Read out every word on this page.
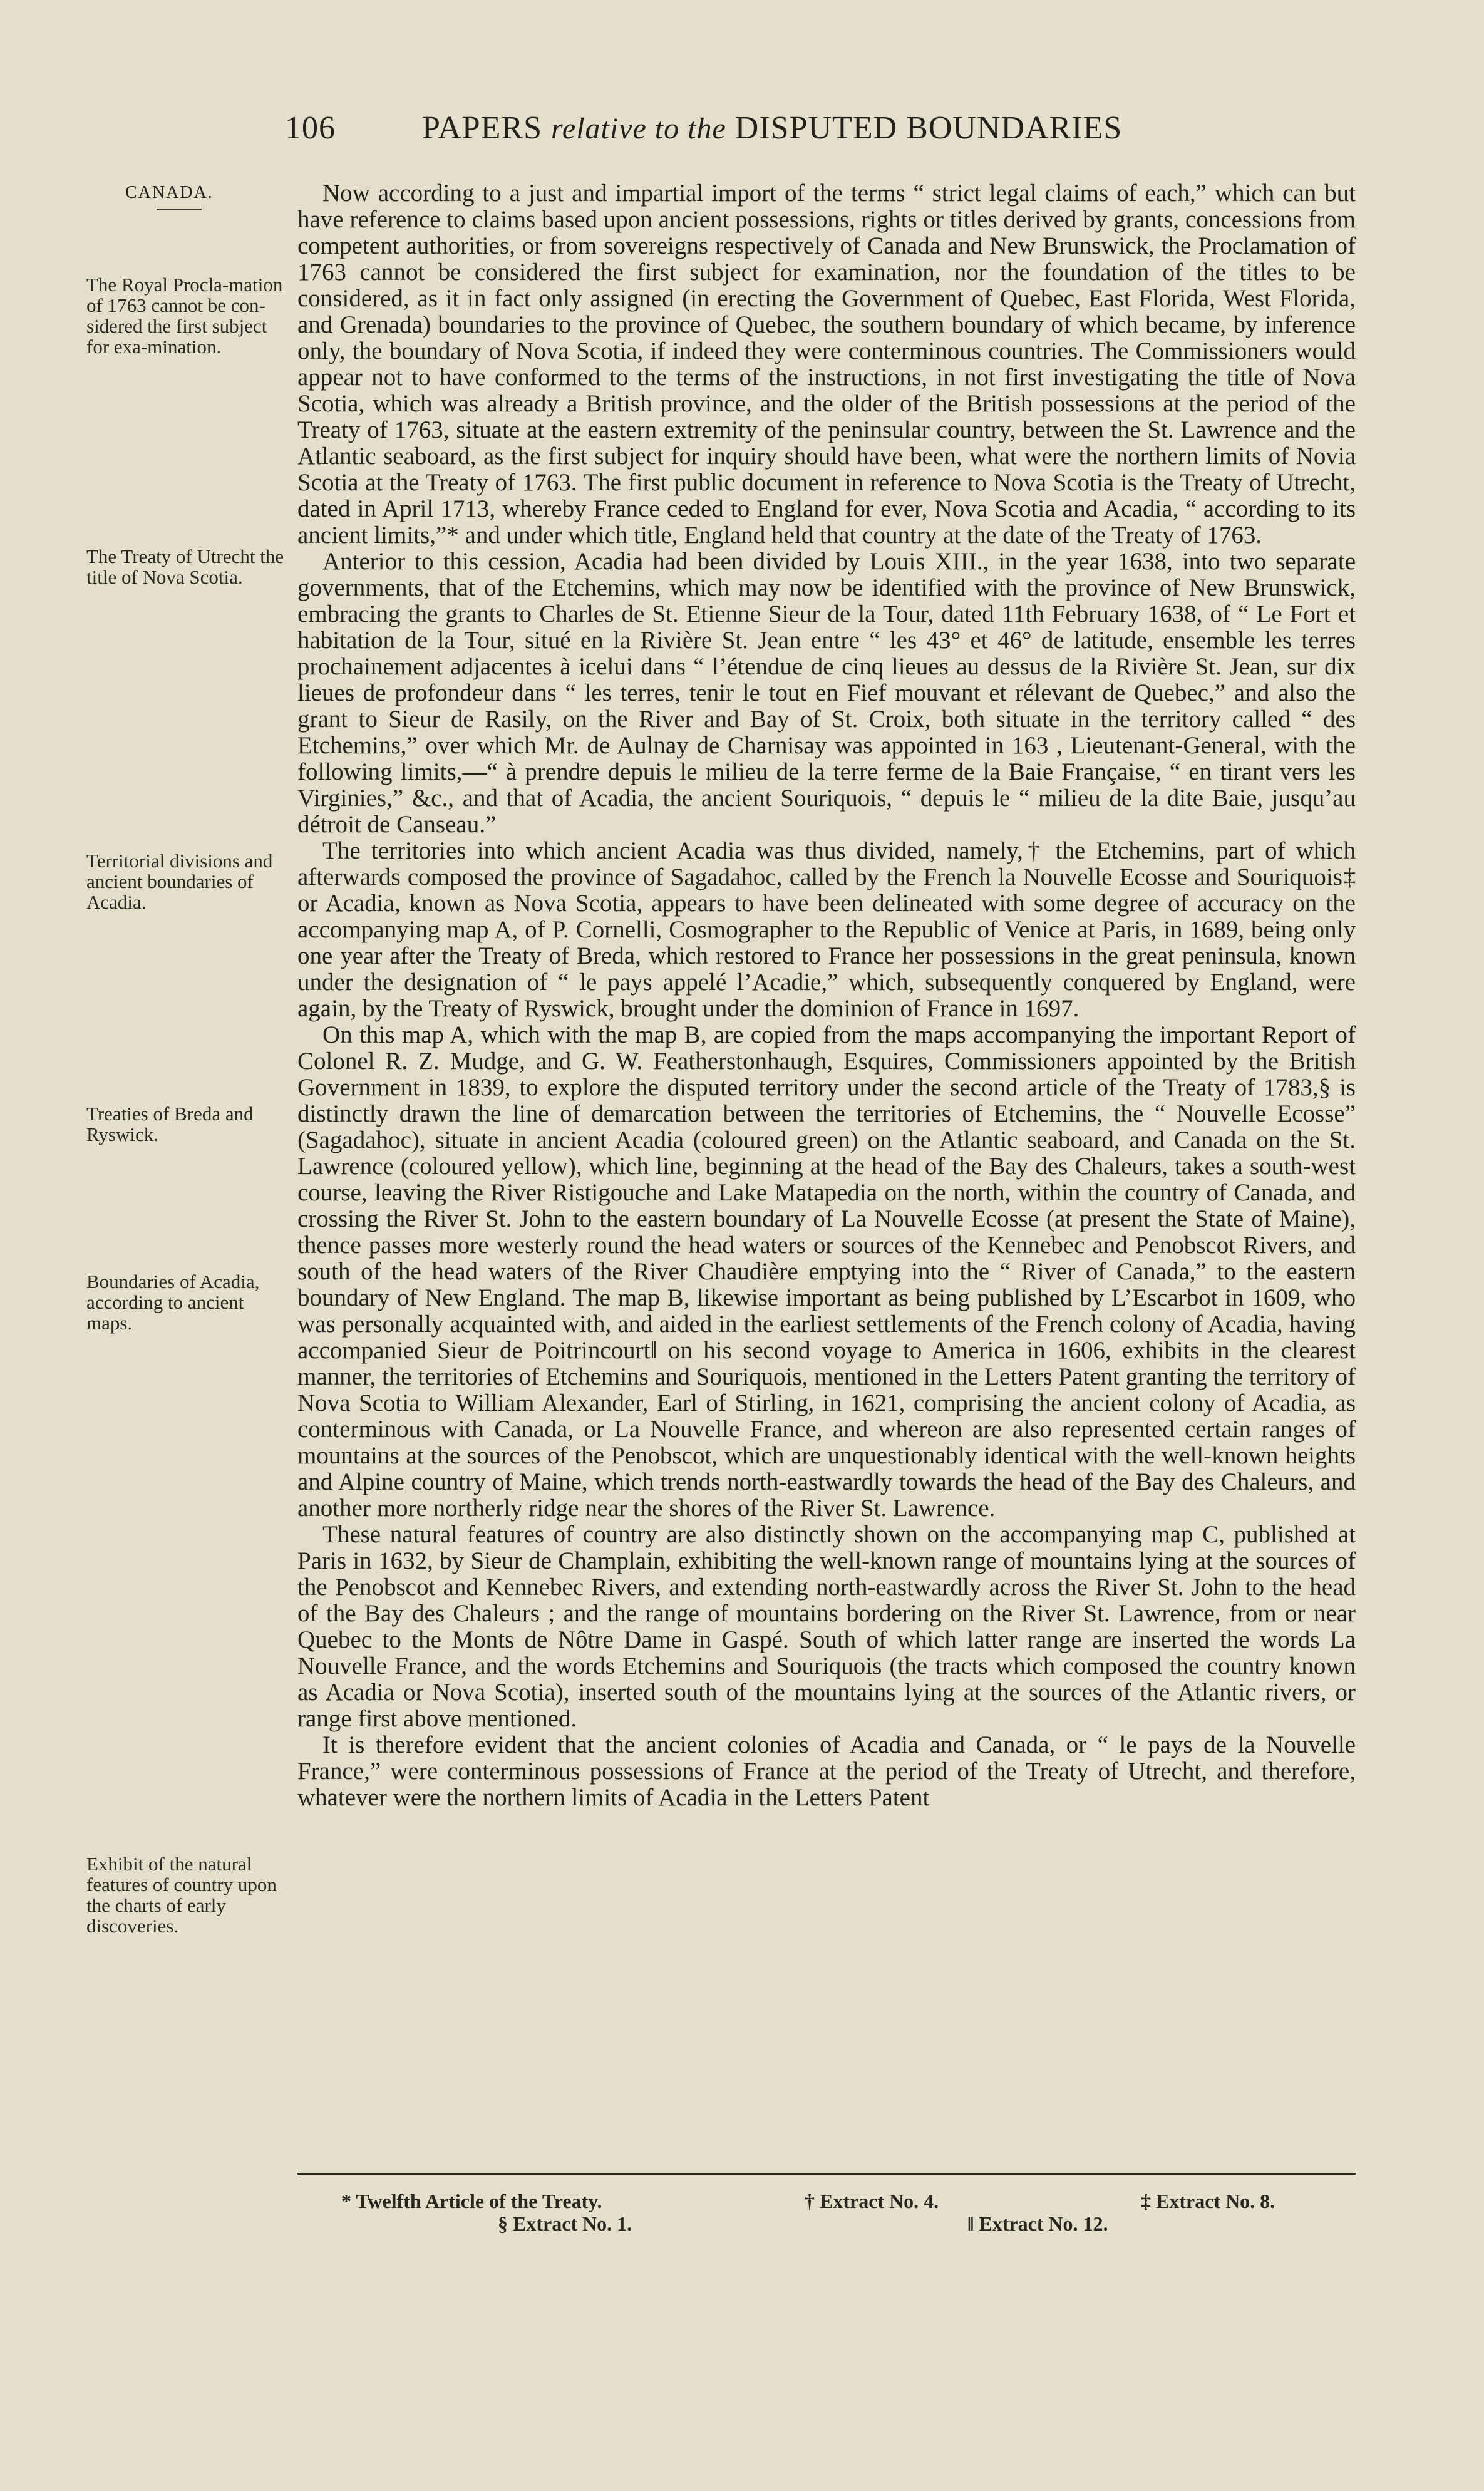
106	PAPERS relative to the DISPUTED BOUNDARIES
CANADA.
The Royal Procla-mation of 1763 cannot be con-sidered the first subject for exa-mination.
The Treaty of Utrecht the title of Nova Scotia.
Territorial divisions and ancient boundaries of Acadia.
Treaties of Breda and Ryswick.
Boundaries of Acadia, according to ancient maps.
Exhibit of the natural features of country upon the charts of early discoveries.

Now according to a just and impartial import of the terms “ strict legal claims of each,” which can but have reference to claims based upon ancient possessions, rights or titles derived by grants, concessions from competent authorities, or from sovereigns respectively of Canada and New Brunswick, the Proclamation of 1763 cannot be considered the first subject for examination, nor the foundation of the titles to be considered, as it in fact only assigned (in erecting the Government of Quebec, East Florida, West Florida, and Grenada) boundaries to the province of Quebec, the southern boundary of which became, by inference only, the boundary of Nova Scotia, if indeed they were conterminous countries. The Commissioners would appear not to have conformed to the terms of the instructions, in not first investigating the title of Nova Scotia, which was already a British province, and the older of the British possessions at the period of the Treaty of 1763, situate at the eastern extremity of the peninsular country, between the St. Lawrence and the Atlantic seaboard, as the first subject for inquiry should have been, what were the northern limits of Novia Scotia at the Treaty of 1763. The first public document in reference to Nova Scotia is the Treaty of Utrecht, dated in April 1713, whereby France ceded to England for ever, Nova Scotia and Acadia, “ according to its ancient limits,”* and under which title, England held that country at the date of the Treaty of 1763.

Anterior to this cession, Acadia had been divided by Louis XIII., in the year 1638, into two separate governments, that of the Etchemins, which may now be identified with the province of New Brunswick, embracing the grants to Charles de St. Etienne Sieur de la Tour, dated 11th February 1638, of “ Le Fort et habitation de la Tour, situé en la Rivière St. Jean entre “ les 43° et 46° de latitude, ensemble les terres prochainement adjacentes à icelui dans “ l’étendue de cinq lieues au dessus de la Rivière St. Jean, sur dix lieues de profondeur dans “ les terres, tenir le tout en Fief mouvant et rélevant de Quebec,” and also the grant to Sieur de Rasily, on the River and Bay of St. Croix, both situate in the territory called “ des Etchemins,” over which Mr. de Aulnay de Charnisay was appointed in 163 , Lieutenant-General, with the following limits,—“ à prendre depuis le milieu de la terre ferme de la Baie Française, “ en tirant vers les Virginies,” &c., and that of Acadia, the ancient Souriquois, “ depuis le “ milieu de la dite Baie, jusqu’au détroit de Canseau.”

The territories into which ancient Acadia was thus divided, namely,† the Etchemins, part of which afterwards composed the province of Sagadahoc, called by the French la Nouvelle Ecosse and Souriquois‡ or Acadia, known as Nova Scotia, appears to have been delineated with some degree of accuracy on the accompanying map A, of P. Cornelli, Cosmographer to the Republic of Venice at Paris, in 1689, being only one year after the Treaty of Breda, which restored to France her possessions in the great peninsula, known under the designation of “ le pays appelé l’Acadie,” which, subsequently conquered by England, were again, by the Treaty of Ryswick, brought under the dominion of France in 1697.

On this map A, which with the map B, are copied from the maps accompanying the important Report of Colonel R. Z. Mudge, and G. W. Featherstonhaugh, Esquires, Commissioners appointed by the British Government in 1839, to explore the disputed territory under the second article of the Treaty of 1783,§ is distinctly drawn the line of demarcation between the territories of Etchemins, the “ Nouvelle Ecosse” (Sagadahoc), situate in ancient Acadia (coloured green) on the Atlantic seaboard, and Canada on the St. Lawrence (coloured yellow), which line, beginning at the head of the Bay des Chaleurs, takes a south-west course, leaving the River Ristigouche and Lake Matapedia on the north, within the country of Canada, and crossing the River St. John to the eastern boundary of La Nouvelle Ecosse (at present the State of Maine), thence passes more westerly round the head waters or sources of the Kennebec and Penobscot Rivers, and south of the head waters of the River Chaudière emptying into the “ River of Canada,” to the eastern boundary of New England. The map B, likewise important as being published by L’Escarbot in 1609, who was personally acquainted with, and aided in the earliest settlements of the French colony of Acadia, having accompanied Sieur de Poitrincourt‖ on his second voyage to America in 1606, exhibits in the clearest manner, the territories of Etchemins and Souriquois, mentioned in the Letters Patent granting the territory of Nova Scotia to William Alexander, Earl of Stirling, in 1621, comprising the ancient colony of Acadia, as conterminous with Canada, or La Nouvelle France, and whereon are also represented certain ranges of mountains at the sources of the Penobscot, which are unquestionably identical with the well-known heights and Alpine country of Maine, which trends north-eastwardly towards the head of the Bay des Chaleurs, and another more northerly ridge near the shores of the River St. Lawrence.

These natural features of country are also distinctly shown on the accompanying map C, published at Paris in 1632, by Sieur de Champlain, exhibiting the well-known range of mountains lying at the sources of the Penobscot and Kennebec Rivers, and extending north-eastwardly across the River St. John to the head of the Bay des Chaleurs ; and the range of mountains bordering on the River St. Lawrence, from or near Quebec to the Monts de Nôtre Dame in Gaspé. South of which latter range are inserted the words La Nouvelle France, and the words Etchemins and Souriquois (the tracts which composed the country known as Acadia or Nova Scotia), inserted south of the mountains lying at the sources of the Atlantic rivers, or range first above mentioned.

It is therefore evident that the ancient colonies of Acadia and Canada, or “ le pays de la Nouvelle France,” were conterminous possessions of France at the period of the Treaty of Utrecht, and therefore, whatever were the northern limits of Acadia in the Letters Patent

* Twelfth Article of the Treaty.	† Extract No. 4.	‡ Extract No. 8.
§ Extract No. 1.	‖ Extract No. 12.
